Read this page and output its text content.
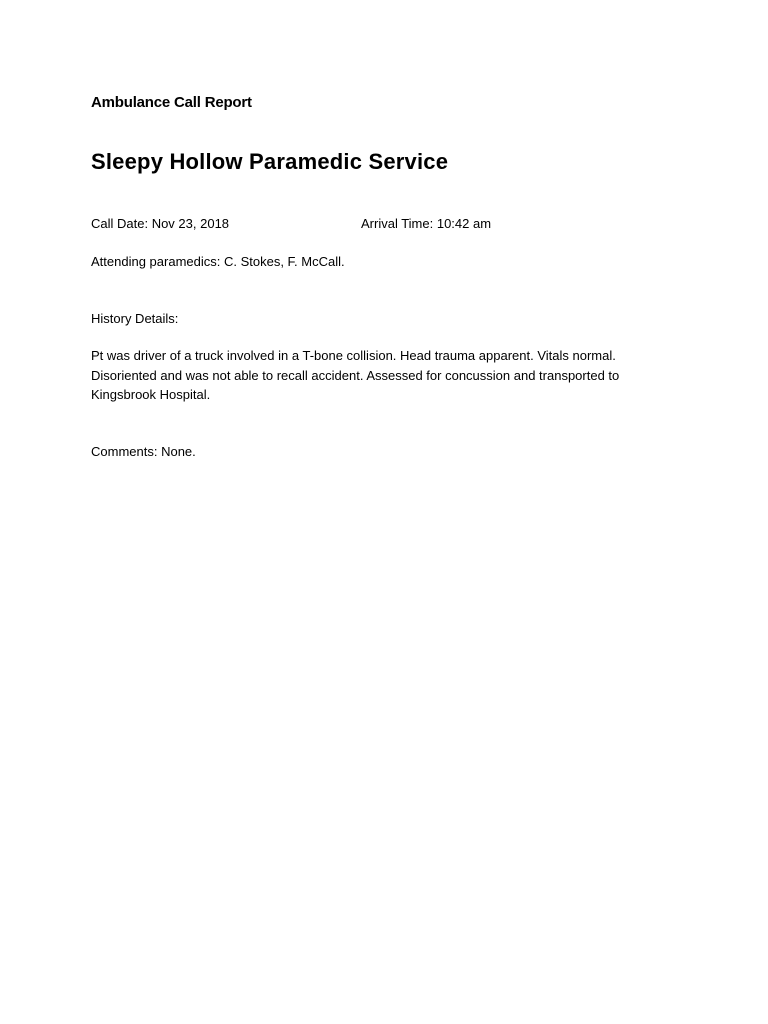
Ambulance Call Report
Sleepy Hollow Paramedic Service
Call Date: Nov 23, 2018	Arrival Time: 10:42 am
Attending paramedics: C. Stokes, F. McCall.
History Details:
Pt was driver of a truck involved in a T-bone collision. Head trauma apparent. Vitals normal.
Disoriented and was not able to recall accident. Assessed for concussion and transported to
Kingsbrook Hospital.
Comments: None.
